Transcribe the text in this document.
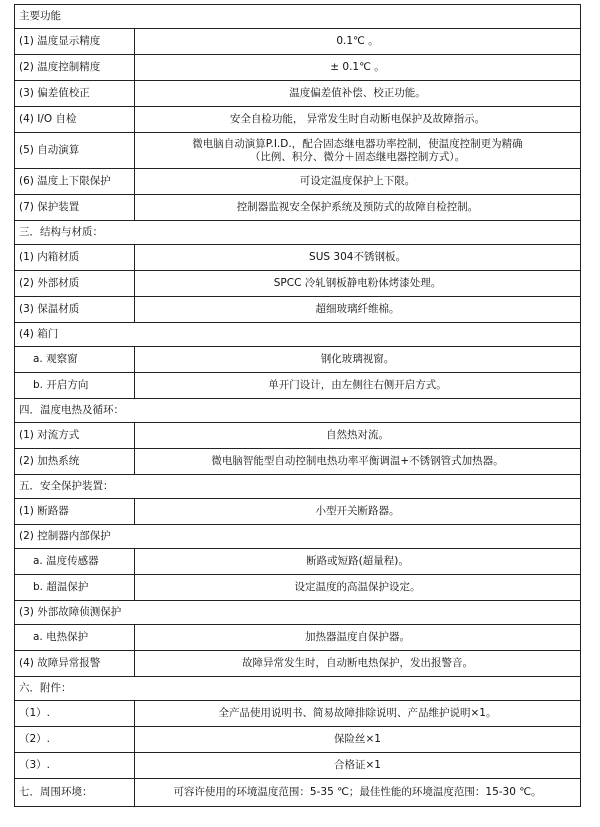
主要功能	
(1) 温度显示精度	0.1℃ 。
(2) 温度控制精度	± 0.1℃ 。
(3) 偏差值校正	温度偏差值补偿、校正功能。
(4) I/O 自检	安全自检功能， 异常发生时自动断电保护及故障指示。
(5) 自动演算	微电脑自动演算P.I.D.，配合固态继电器功率控制，使温度控制更为精确
（比例、积分、微分＋固态继电器控制方式）。

(6) 温度上下限保护	可设定温度保护上下限。
(7) 保护装置	控制器监视安全保护系统及预防式的故障自检控制。
三．结构与材质：	
(1) 内箱材质	SUS 304不锈钢板。
(2) 外部材质	SPCC 冷轧钢板静电粉体烤漆处理。
(3) 保温材质	超细玻璃纤维棉。
(4) 箱门	
a. 观察窗	钢化玻璃视窗。
b. 开启方向	单开门设计，由左侧往右侧开启方式。
四．温度电热及循环：	
(1) 对流方式	自然热对流。
(2) 加热系统	微电脑智能型自动控制电热功率平衡调温+不锈钢管式加热器。
五．安全保护装置：	
(1) 断路器	小型开关断路器。
(2) 控制器内部保护	
a. 温度传感器	断路或短路(超量程)。
b. 超温保护	设定温度的高温保护设定。
(3) 外部故障侦测保护	
a. 电热保护	加热器温度自保护器。
(4) 故障异常报警	故障异常发生时，自动断电热保护，发出报警音。
六．附件：	
（1）.	全产品使用说明书、简易故障排除说明、产品维护说明×1。
（2）.	保险丝×1
（3）.	合格证×1
七．周围环境：	可容许使用的环境温度范围：5-35 ℃；最佳性能的环境温度范围：15-30 ℃。
